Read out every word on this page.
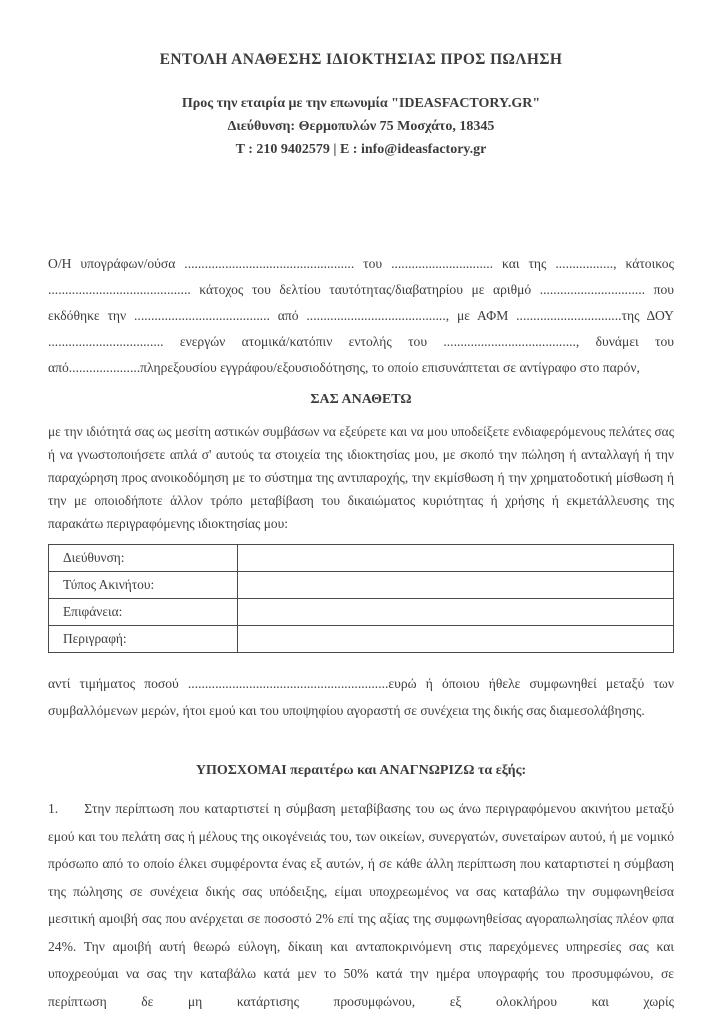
ΕΝΤΟΛΗ ΑΝΑΘΕΣΗΣ ΙΔΙΟΚΤΗΣΙΑΣ ΠΡΟΣ ΠΩΛΗΣΗ

Προς την εταιρία με την επωνυμία "IDEASFACTORY.GR"

Διεύθυνση: Θερμοπυλών 75 Μοσχάτο, 18345

Τ : 210 9402579 | Ε : info@ideasfactory.gr

Ο/Η υπογράφων/ούσα .................................................. του .............................. και της ................., κάτοικος .......................................... κάτοχος του δελτίου ταυτότητας/διαβατηρίου με αριθμό ............................... που εκδόθηκε την ........................................ από ........................................., με ΑΦΜ ...............................της ΔΟΥ .................................. ενεργών ατομικά/κατόπιν εντολής του ......................................., δυνάμει του από.....................πληρεξουσίου εγγράφου/εξουσιοδότησης, το οποίο επισυνάπτεται σε αντίγραφο στο παρόν,

ΣΑΣ ΑΝΑΘΕΤΩ

με την ιδιότητά σας ως μεσίτη αστικών συμβάσων να εξεύρετε και να μου υποδείξετε ενδιαφερόμενους πελάτες σας ή να γνωστοποιήσετε απλά σ' αυτούς τα στοιχεία της ιδιοκτησίας μου, με σκοπό την πώληση ή ανταλλαγή ή την παραχώρηση προς ανοικοδόμηση με το σύστημα της αντιπαροχής, την εκμίσθωση ή την χρηματοδοτική μίσθωση ή την με οποιοδήποτε άλλον τρόπο μεταβίβαση του δικαιώματος κυριότητας ή χρήσης ή εκμετάλλευσης της παρακάτω περιγραφόμενης ιδιοκτησίας μου:

Διεύθυνση:	
Τύπος Ακινήτου:	
Επιφάνεια:	
Περιγραφή:	

αντί τιμήματος ποσού ...........................................................ευρώ ή όποιου ήθελε συμφωνηθεί μεταξύ των συμβαλλόμενων μερών, ήτοι εμού και του υποψηφίου αγοραστή σε συνέχεια της δικής σας διαμεσολάβησης.

ΥΠΟΣΧΟΜΑΙ περαιτέρω και ΑΝΑΓΝΩΡΙΖΩ τα εξής:

1. Στην περίπτωση που καταρτιστεί η σύμβαση μεταβίβασης του ως άνω περιγραφόμενου ακινήτου μεταξύ εμού και του πελάτη σας ή μέλους της οικογένειάς του, των οικείων, συνεργατών, συνεταίρων αυτού, ή με νομικό πρόσωπο από το οποίο έλκει συμφέροντα ένας εξ αυτών, ή σε κάθε άλλη περίπτωση που καταρτιστεί η σύμβαση της πώλησης σε συνέχεια δικής σας υπόδειξης, είμαι υποχρεωμένος να σας καταβάλω την συμφωνηθείσα μεσιτική αμοιβή σας που ανέρχεται σε ποσοστό 2% επί της αξίας της συμφωνηθείσας αγοραπωλησίας πλέον φπα 24%. Την αμοιβή αυτή θεωρώ εύλογη, δίκαιη και ανταποκρινόμενη στις παρεχόμενες υπηρεσίες σας και υποχρεούμαι να σας την καταβάλω κατά μεν το 50% κατά την ημέρα υπογραφής του προσυμφώνου, σε περίπτωση δε μη κατάρτισης προσυμφώνου, εξ ολοκλήρου και χωρίς
